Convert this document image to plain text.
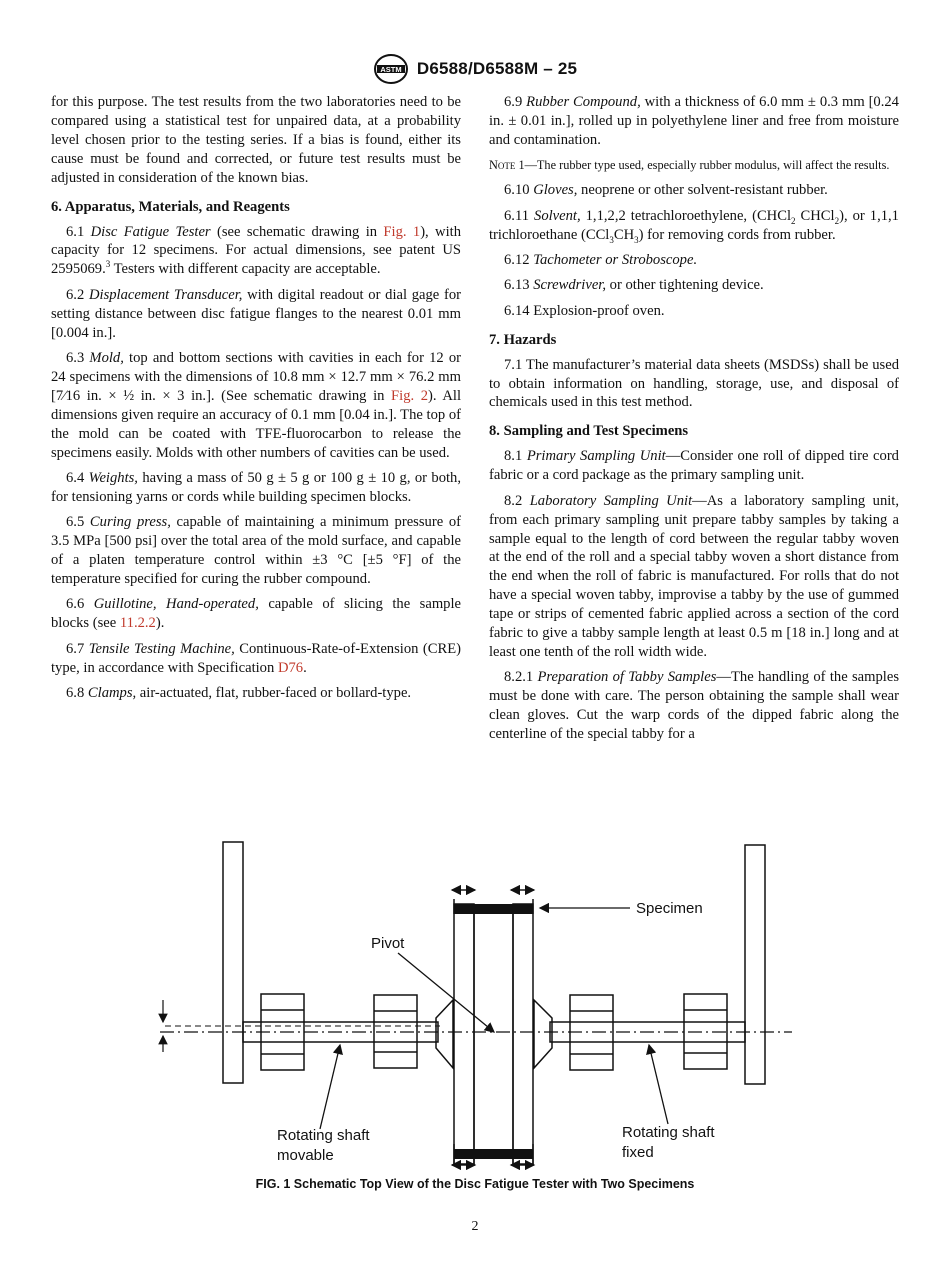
ASTM D6588/D6588M – 25

for this purpose. The test results from the two laboratories need to be compared using a statistical test for unpaired data, at a probability level chosen prior to the testing series. If a bias is found, either its cause must be found and corrected, or future test results must be adjusted in consideration of the known bias.

6. Apparatus, Materials, and Reagents

6.1 Disc Fatigue Tester (see schematic drawing in Fig. 1), with capacity for 12 specimens. For actual dimensions, see patent US 2595069.$^3$ Testers with different capacity are acceptable.

6.2 Displacement Transducer, with digital readout or dial gage for setting distance between disc fatigue flanges to the nearest 0.01 mm [0.004 in.].

6.3 Mold, top and bottom sections with cavities in each for 12 or 24 specimens with the dimensions of 10.8 mm × 12.7 mm × 76.2 mm [7⁄16 in. × ½ in. × 3 in.]. (See schematic drawing in Fig. 2). All dimensions given require an accuracy of 0.1 mm [0.04 in.]. The top of the mold can be coated with TFE-fluorocarbon to release the specimens easily. Molds with other numbers of cavities can be used.

6.4 Weights, having a mass of 50 g ± 5 g or 100 g ± 10 g, or both, for tensioning yarns or cords while building specimen blocks.

6.5 Curing press, capable of maintaining a minimum pressure of 3.5 MPa [500 psi] over the total area of the mold surface, and capable of a platen temperature control within ±3 °C [±5 °F] of the temperature specified for curing the rubber compound.

6.6 Guillotine, Hand-operated, capable of slicing the sample blocks (see 11.2.2).

6.7 Tensile Testing Machine, Continuous-Rate-of-Extension (CRE) type, in accordance with Specification D76.

6.8 Clamps, air-actuated, flat, rubber-faced or bollard-type.

6.9 Rubber Compound, with a thickness of 6.0 mm ± 0.3 mm [0.24 in. ± 0.01 in.], rolled up in polyethylene liner and free from moisture and contamination.

Note 1—The rubber type used, especially rubber modulus, will affect the results.

6.10 Gloves, neoprene or other solvent-resistant rubber.

6.11 Solvent, 1,1,2,2 tetrachloroethylene, (CHCl$_2$ CHCl$_2$), or 1,1,1 trichloroethane $(CCl_3CH_3)$ for removing cords from rubber.

6.12 Tachometer or Stroboscope.

6.13 Screwdriver, or other tightening device.

6.14 Explosion-proof oven.

7. Hazards

7.1 The manufacturer’s material data sheets (MSDSs) shall be used to obtain information on handling, storage, use, and disposal of chemicals used in this test method.

8. Sampling and Test Specimens

8.1 Primary Sampling Unit—Consider one roll of dipped tire cord fabric or a cord package as the primary sampling unit.

8.2 Laboratory Sampling Unit—As a laboratory sampling unit, from each primary sampling unit prepare tabby samples by taking a sample equal to the length of cord between the regular tabby woven at the end of the roll and a special tabby woven a short distance from the end when the roll of fabric is manufactured. For rolls that do not have a special woven tabby, improvise a tabby by the use of gummed tape or strips of cemented fabric applied across a section of the cord fabric to give a tabby sample length at least 0.5 m [18 in.] long and at least one tenth of the roll width wide.

8.2.1 Preparation of Tabby Samples—The handling of the samples must be done with care. The person obtaining the sample shall wear clean gloves. Cut the warp cords of the dipped fabric along the centerline of the special tabby for a

Specimen
Pivot
Rotating shaft
movable
Rotating shaft
fixed
FIG. 1 Schematic Top View of the Disc Fatigue Tester with Two Specimens
2
